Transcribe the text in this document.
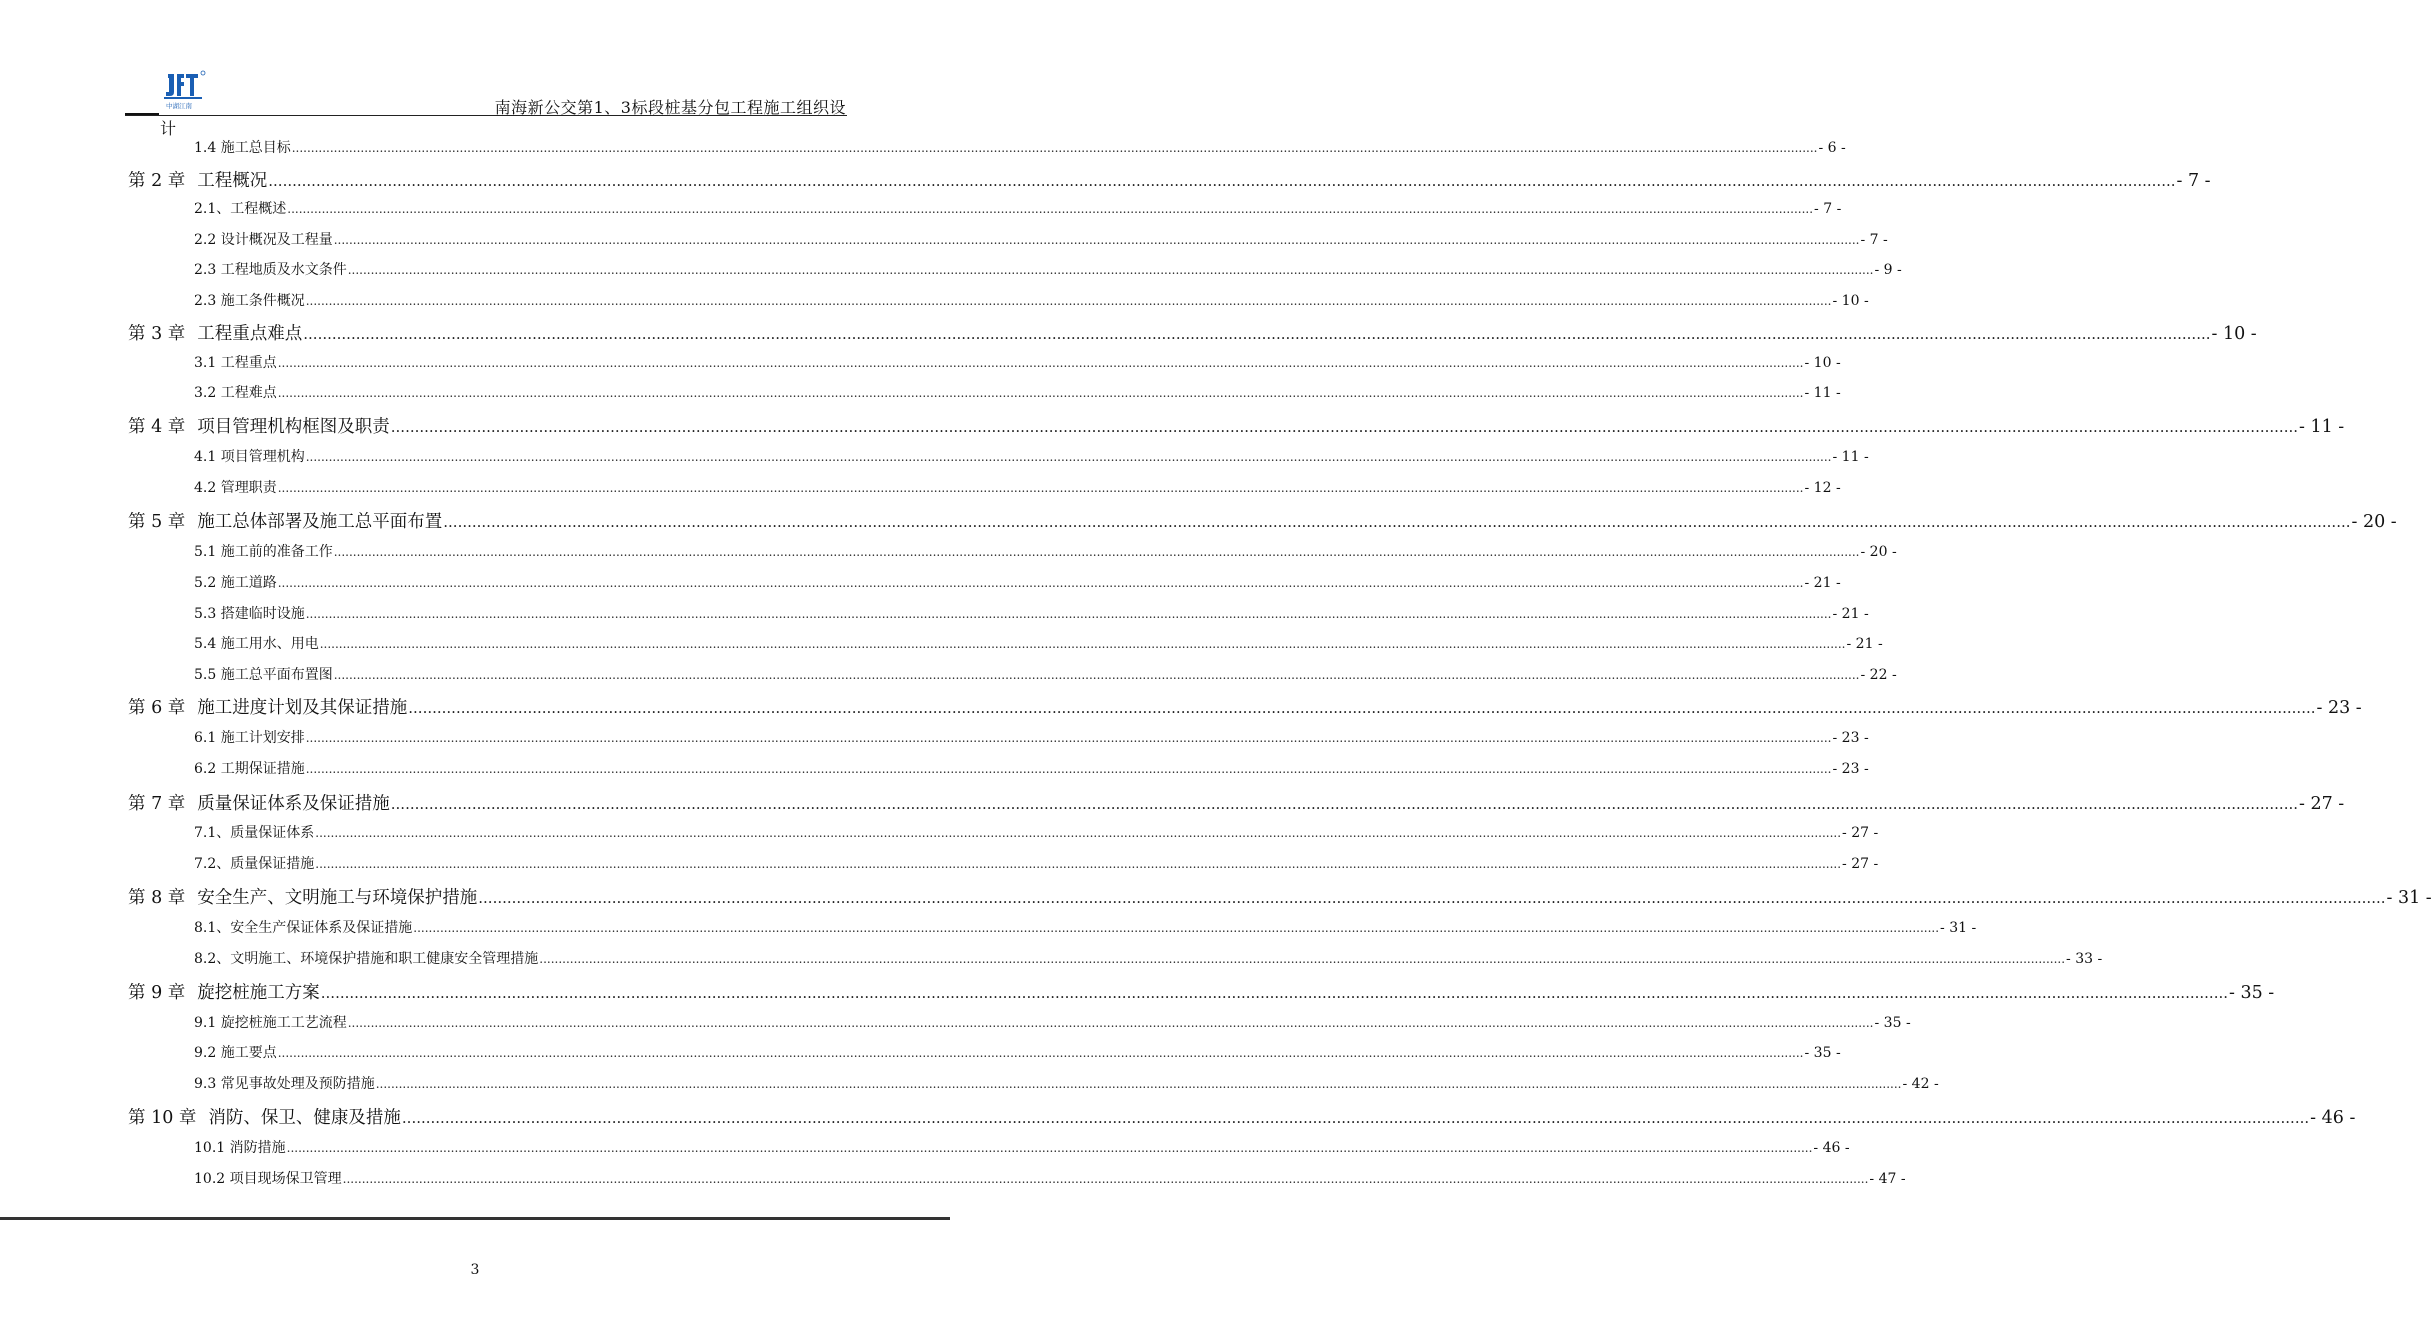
中湖江南	南海新公交第1、3标段桩基分包工程施工组织设
计
1.4 施工总目标 ................................................................................................................................................................................................................................................................................................................................................................................................................ - 6 -
第 2 章 工程概况 ................................................................................................................................................................................................................................................................................................................................................................................................................ - 7 -
2.1、工程概述 ................................................................................................................................................................................................................................................................................................................................................................................................................ - 7 -
2.2 设计概况及工程量 ................................................................................................................................................................................................................................................................................................................................................................................................................ - 7 -
2.3 工程地质及水文条件 ................................................................................................................................................................................................................................................................................................................................................................................................................ - 9 -
2.3 施工条件概况 ................................................................................................................................................................................................................................................................................................................................................................................................................ - 10 -
第 3 章 工程重点难点 ................................................................................................................................................................................................................................................................................................................................................................................................................ - 10 -
3.1 工程重点 ................................................................................................................................................................................................................................................................................................................................................................................................................ - 10 -
3.2 工程难点 ................................................................................................................................................................................................................................................................................................................................................................................................................ - 11 -
第 4 章 项目管理机构框图及职责 ................................................................................................................................................................................................................................................................................................................................................................................................................ - 11 -
4.1 项目管理机构 ................................................................................................................................................................................................................................................................................................................................................................................................................ - 11 -
4.2 管理职责 ................................................................................................................................................................................................................................................................................................................................................................................................................ - 12 -
第 5 章 施工总体部署及施工总平面布置 ................................................................................................................................................................................................................................................................................................................................................................................................................ - 20 -
5.1 施工前的准备工作 ................................................................................................................................................................................................................................................................................................................................................................................................................ - 20 -
5.2 施工道路 ................................................................................................................................................................................................................................................................................................................................................................................................................ - 21 -
5.3 搭建临时设施 ................................................................................................................................................................................................................................................................................................................................................................................................................ - 21 -
5.4 施工用水、用电 ................................................................................................................................................................................................................................................................................................................................................................................................................ - 21 -
5.5 施工总平面布置图 ................................................................................................................................................................................................................................................................................................................................................................................................................ - 22 -
第 6 章 施工进度计划及其保证措施 ................................................................................................................................................................................................................................................................................................................................................................................................................ - 23 -
6.1 施工计划安排 ................................................................................................................................................................................................................................................................................................................................................................................................................ - 23 -
6.2 工期保证措施 ................................................................................................................................................................................................................................................................................................................................................................................................................ - 23 -
第 7 章 质量保证体系及保证措施 ................................................................................................................................................................................................................................................................................................................................................................................................................ - 27 -
7.1、质量保证体系 ................................................................................................................................................................................................................................................................................................................................................................................................................ - 27 -
7.2、质量保证措施 ................................................................................................................................................................................................................................................................................................................................................................................................................ - 27 -
第 8 章 安全生产、文明施工与环境保护措施 ................................................................................................................................................................................................................................................................................................................................................................................................................ - 31 -
8.1、安全生产保证体系及保证措施 ................................................................................................................................................................................................................................................................................................................................................................................................................ - 31 -
8.2、文明施工、环境保护措施和职工健康安全管理措施 ................................................................................................................................................................................................................................................................................................................................................................................................................ - 33 -
第 9 章 旋挖桩施工方案 ................................................................................................................................................................................................................................................................................................................................................................................................................ - 35 -
9.1 旋挖桩施工工艺流程 ................................................................................................................................................................................................................................................................................................................................................................................................................ - 35 -
9.2 施工要点 ................................................................................................................................................................................................................................................................................................................................................................................................................ - 35 -
9.3 常见事故处理及预防措施 ................................................................................................................................................................................................................................................................................................................................................................................................................ - 42 -
第 10 章 消防、保卫、健康及措施 ................................................................................................................................................................................................................................................................................................................................................................................................................ - 46 -
10.1 消防措施 ................................................................................................................................................................................................................................................................................................................................................................................................................ - 46 -
10.2 项目现场保卫管理 ................................................................................................................................................................................................................................................................................................................................................................................................................ - 47 -
3
